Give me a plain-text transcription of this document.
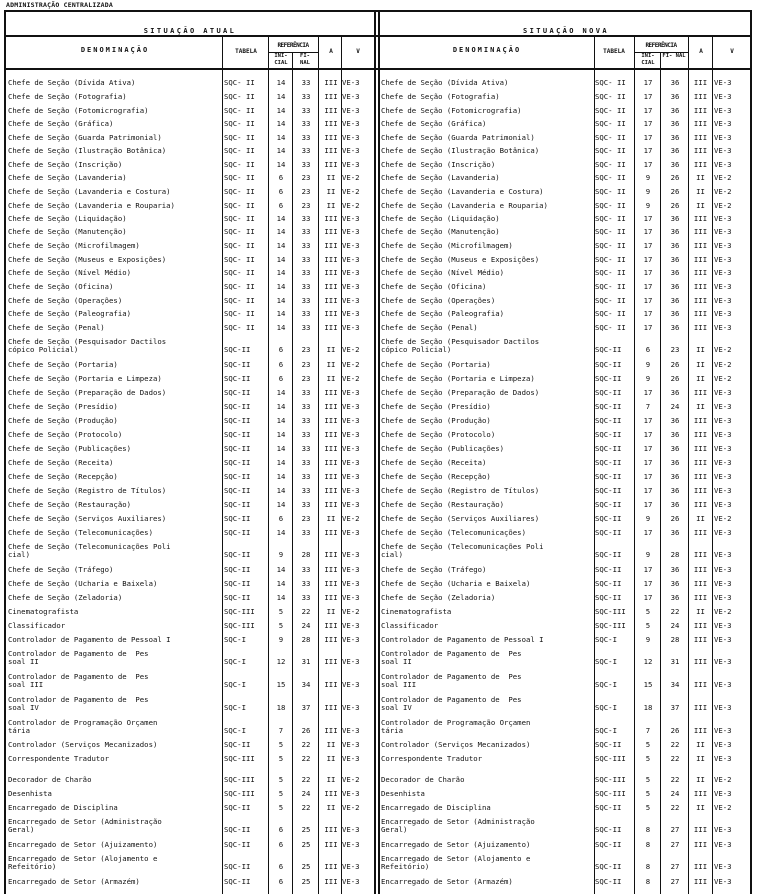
ADMINISTRAÇÃO CENTRALIZADA
SITUAÇÃO ATUAL	SITUAÇÃO NOVA
DENOMINAÇÃO	TABELA
REFERÊNCIA
INI- CIAL
FI- NAL
A	V	DENOMINAÇÃO	TABELA
REFERÊNCIA
INI- CIAL
FI- NAL
A	V
Chefe de Seção (Dívida Ativa)	SQC- II	14	33	III VE-3	Chefe de Seção (Dívida Ativa)	SQC- II	17	36	III VE-3
Chefe de Seção (Fotografia)	SQC- II	14	33	III VE-3	Chefe de Seção (Fotografia)	SQC- II	17	36	III VE-3
Chefe de Seção (Fotomicrografia)	SQC- II	14	33	III VE-3	Chefe de Seção (Fotomicrografia)	SQC- II	17	36	III VE-3
Chefe de Seção (Gráfica)	SQC- II	14	33	III VE-3	Chefe de Seção (Gráfica)	SQC- II	17	36	III VE-3
Chefe de Seção (Guarda Patrimonial)	SQC- II	14	33	III VE-3	Chefe de Seção (Guarda Patrimonial)	SQC- II	17	36	III VE-3
Chefe de Seção (Ilustração Botânica)	SQC- II	14	33	III VE-3	Chefe de Seção (Ilustração Botânica)	SQC- II	17	36	III VE-3
Chefe de Seção (Inscrição)	SQC- II	14	33	III VE-3	Chefe de Seção (Inscrição)	SQC- II	17	36	III VE-3
Chefe de Seção (Lavanderia)	SQC- II	6	23	II VE-2	Chefe de Seção (Lavanderia)	SQC- II	9	26	II	VE-2
Chefe de Seção (Lavanderia e Costura)	SQC- II	6	23	II VE-2	Chefe de Seção (Lavanderia e Costura)	SQC- II	9	26	II	VE-2
Chefe de Seção (Lavanderia e Rouparia)	SQC- II	6	23	II VE-2	Chefe de Seção (Lavanderia e Rouparia)	SQC- II	9	26	II	VE-2
Chefe de Seção (Liquidação)	SQC- II	14	33	III VE-3	Chefe de Seção (Liquidação)	SQC- II	17	36	III VE-3
Chefe de Seção (Manutenção)	SQC- II	14	33	III VE-3	Chefe de Seção (Manutenção)	SQC- II	17	36	III VE-3
Chefe de Seção (Microfilmagem)	SQC- II	14	33	III VE-3	Chefe de Seção (Microfilmagem)	SQC- II	17	36	III VE-3
Chefe de Seção (Museus e Exposições)	SQC- II	14	33	III VE-3	Chefe de Seção (Museus e Exposições)	SQC- II	17	36	III VE-3
Chefe de Seção (Nível Médio)	SQC- II	14	33	III VE-3	Chefe de Seção (Nível Médio)	SQC- II	17	36	III VE-3
Chefe de Seção (Oficina)	SQC- II	14	33	III VE-3	Chefe de Seção (Oficina)	SQC- II	17	36	III VE-3
Chefe de Seção (Operações)	SQC- II	14	33	III VE-3	Chefe de Seção (Operações)	SQC- II	17	36	III VE-3
Chefe de Seção (Paleografia)	SQC- II	14	33	III VE-3	Chefe de Seção (Paleografia)	SQC- II	17	36	III VE-3
Chefe de Seção (Penal)	SQC- II	14	33	III VE-3	Chefe de Seção (Penal)	SQC- II	17	36	III VE-3
Chefe de Seção (Pesquisador Dactilos
cópico Policial)	SQC-II	6	23	II VE-2
Chefe de Seção (Pesquisador Dactilos
cópico Policial)	SQC-II	6	23	II	VE-2
Chefe de Seção (Portaria)	SQC-II	6	23	II VE-2	Chefe de Seção (Portaria)	SQC-II	9	26	II	VE-2
Chefe de Seção (Portaria e Limpeza)	SQC-II	6	23	II VE-2	Chefe de Seção (Portaria e Limpeza)	SQC-II	9	26	II	VE-2
Chefe de Seção (Preparação de Dados)	SQC-II	14	33	III VE-3	Chefe de Seção (Preparação de Dados)	SQC-II	17	36	III VE-3
Chefe de Seção (Presídio)	SQC-II	14	33	III VE-3	Chefe de Seção (Presídio)	SQC-II	7	24	II	VE-3
Chefe de Seção (Produção)	SQC-II	14	33	III VE-3	Chefe de Seção (Produção)	SQC-II	17	36	III VE-3
Chefe de Seção (Protocolo)	SQC-II	14	33	III VE-3	Chefe de Seção (Protocolo)	SQC-II	17	36	III VE-3
Chefe de Seção (Publicações)	SQC-II	14	33	III VE-3	Chefe de Seção (Publicações)	SQC-II	17	36	III VE-3
Chefe de Seção (Receita)	SQC-II	14	33	III VE-3	Chefe de Seção (Receita)	SQC-II	17	36	III VE-3
Chefe de Seção (Recepção)	SQC-II	14	33	III VE-3	Chefe de Seção (Recepção)	SQC-II	17	36	III VE-3
Chefe de Seção (Registro de Títulos)	SQC-II	14	33	III VE-3	Chefe de Seção (Registro de Títulos)	SQC-II	17	36	III VE-3
Chefe de Seção (Restauração)	SQC-II	14	33	III VE-3	Chefe de Seção (Restauração)	SQC-II	17	36	III VE-3
Chefe de Seção (Serviços Auxiliares)	SQC-II	6	23	II VE-2	Chefe de Seção (Serviços Auxiliares)	SQC-II	9	26	II	VE-2
Chefe de Seção (Telecomunicações)	SQC-II	14	33	III VE-3	Chefe de Seção (Telecomunicações)	SQC-II	17	36	III VE-3
Chefe de Seção (Telecomunicações Poli
cial)	SQC-II	9	28	III VE-3
Chefe de Seção (Telecomunicações Poli
cial)	SQC-II	9	28	III VE-3
Chefe de Seção (Tráfego)	SQC-II	14	33	III VE-3	Chefe de Seção (Tráfego)	SQC-II	17	36	III VE-3
Chefe de Seção (Ucharia e Baixela)	SQC-II	14	33	III VE-3	Chefe de Seção (Ucharia e Baixela)	SQC-II	17	36	III VE-3
Chefe de Seção (Zeladoria)	SQC-II	14	33	III VE-3	Chefe de Seção (Zeladoria)	SQC-II	17	36	III VE-3
Cinematografista	SQC-III	5	22	II VE-2	Cinematografista	SQC-III	5	22	II	VE-2
Classificador	SQC-III	5	24	III VE-3	Classificador	SQC-III	5	24	III VE-3
Controlador de Pagamento de Pessoal I	SQC-I	9	28	III VE-3	Controlador de Pagamento de Pessoal I	SQC-I	9	28	III VE-3
Controlador de Pagamento de  Pes
soal II	SQC-I	12	31	III VE-3
Controlador de Pagamento de  Pes
soal II	SQC-I	12	31	III VE-3
Controlador de Pagamento de  Pes
soal III	SQC-I	15	34	III VE-3
Controlador de Pagamento de  Pes
soal III	SQC-I	15	34	III VE-3
Controlador de Pagamento de  Pes
soal IV	SQC-I	18	37	III VE-3
Controlador de Pagamento de  Pes
soal IV	SQC-I	18	37	III VE-3
Controlador de Programação Orçamen
tária	SQC-I	7	26	III VE-3
Controlador de Programação Orçamen
tária	SQC-I	7	26	III VE-3
Controlador (Serviços Mecanizados)	SQC-II	5	22	II VE-3	Controlador (Serviços Mecanizados)	SQC-II	5	22	II	VE-3
Correspondente Tradutor	SQC-III	5	22	II VE-3	Correspondente Tradutor	SQC-III	5	22	II	VE-3
Decorador de Charão	SQC-III	5	22	II VE-2	Decorador de Charão	SQC-III	5	22	II	VE-2
Desenhista	SQC-III	5	24	III VE-3	Desenhista	SQC-III	5	24	III VE-3
Encarregado de Disciplina	SQC-II	5	22	II VE-2	Encarregado de Disciplina	SQC-II	5	22	II	VE-2
Encarregado de Setor (Administração
Geral)	SQC-II	6	25	III VE-3
Encarregado de Setor (Administração
Geral)	SQC-II	8	27	III VE-3
Encarregado de Setor (Ajuizamento)	SQC-II	6	25	III VE-3	Encarregado de Setor (Ajuizamento)	SQC-II	8	27	III VE-3
Encarregado de Setor (Alojamento e
Refeitório)	SQC-II	6	25	III VE-3
Encarregado de Setor (Alojamento e
Refeitório)	SQC-II	8	27	III VE-3
Encarregado de Setor (Armazém)	SQC-II	6	25	III VE-3	Encarregado de Setor (Armazém)	SQC-II	8	27	III VE-3
